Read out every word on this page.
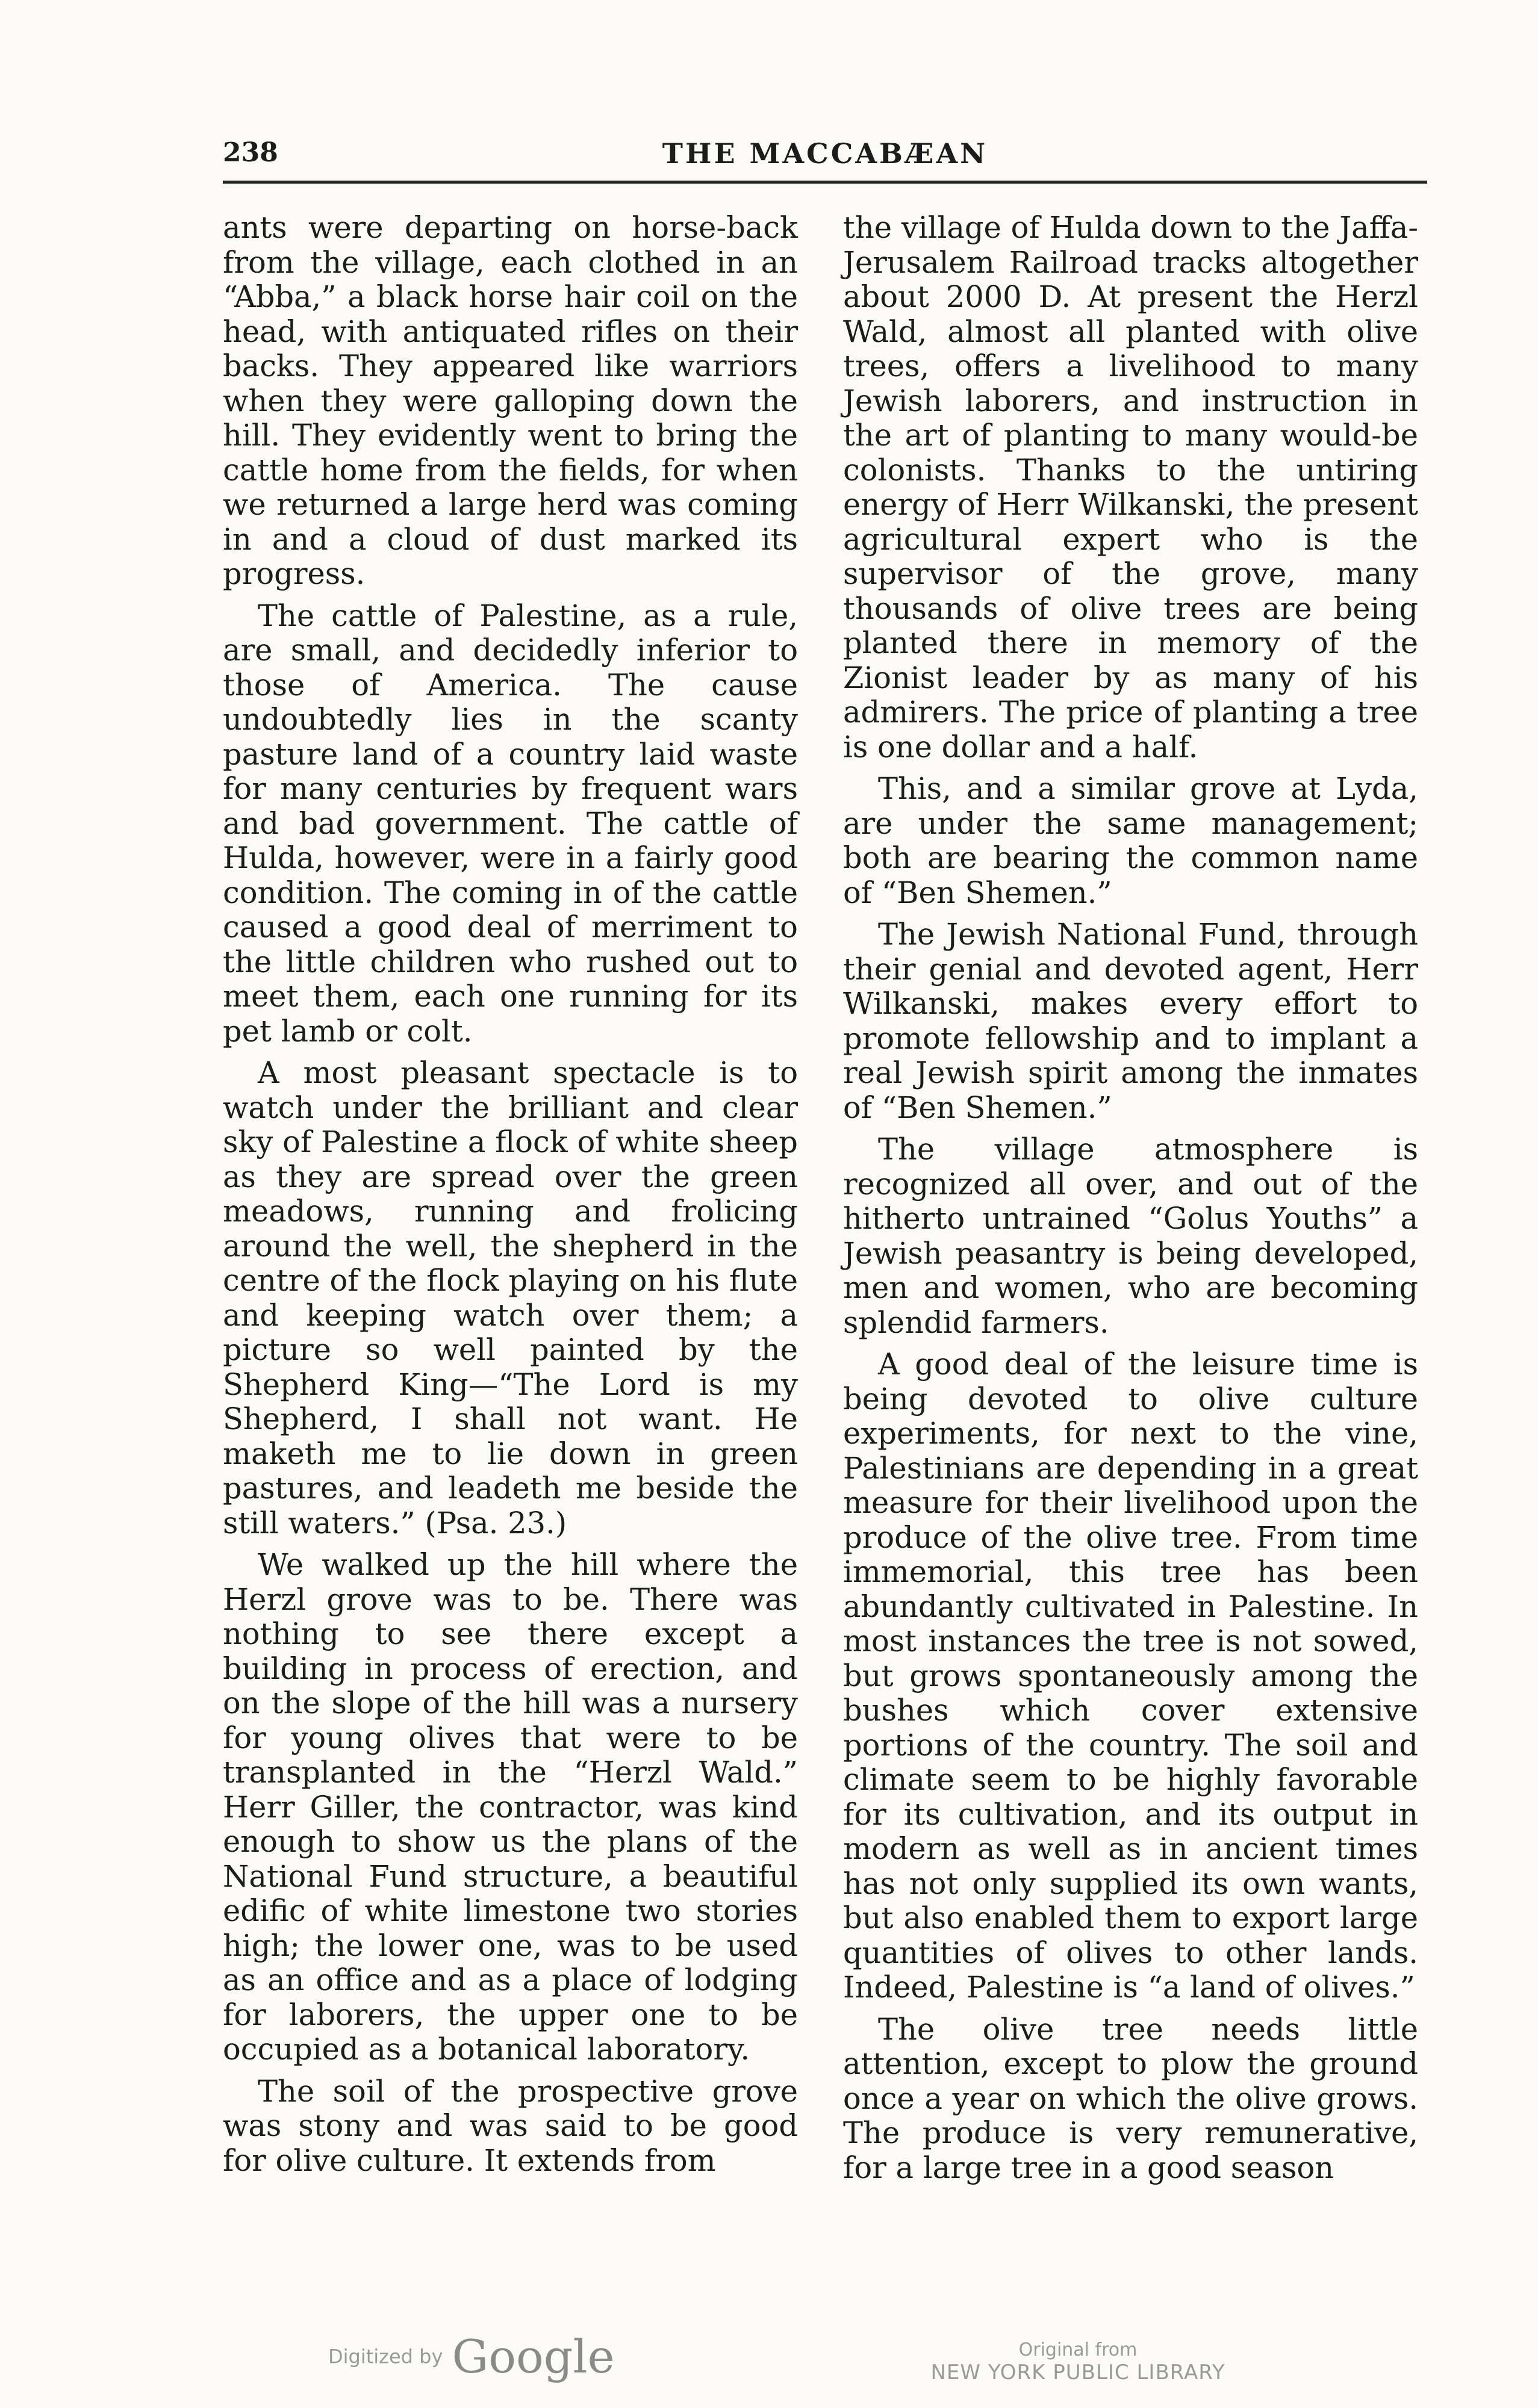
238	THE MACCABÆAN

ants were departing on horse-back from the village, each clothed in an “Abba,” a black horse hair coil on the head, with antiquated rifles on their backs. They appeared like warriors when they were galloping down the hill. They evidently went to bring the cattle home from the fields, for when we returned a large herd was coming in and a cloud of dust marked its progress.

The cattle of Palestine, as a rule, are small, and decidedly inferior to those of America. The cause undoubtedly lies in the scanty pasture land of a country laid waste for many centuries by frequent wars and bad government. The cattle of Hulda, however, were in a fairly good condition. The coming in of the cattle caused a good deal of merriment to the little children who rushed out to meet them, each one running for its pet lamb or colt.

A most pleasant spectacle is to watch under the brilliant and clear sky of Palestine a flock of white sheep as they are spread over the green meadows, running and frolicing around the well, the shepherd in the centre of the flock playing on his flute and keeping watch over them; a picture so well painted by the Shepherd King—“The Lord is my Shepherd, I shall not want. He maketh me to lie down in green pastures, and leadeth me beside the still waters.” (Psa. 23.)

We walked up the hill where the Herzl grove was to be. There was nothing to see there except a building in process of erection, and on the slope of the hill was a nursery for young olives that were to be transplanted in the “Herzl Wald.” Herr Giller, the contractor, was kind enough to show us the plans of the National Fund structure, a beautiful edific of white limestone two stories high; the lower one, was to be used as an office and as a place of lodging for laborers, the upper one to be occupied as a botanical laboratory.

The soil of the prospective grove was stony and was said to be good for olive culture. It extends from

the village of Hulda down to the Jaffa-Jerusalem Railroad tracks altogether about 2000 D. At present the Herzl Wald, almost all planted with olive trees, offers a livelihood to many Jewish laborers, and instruction in the art of planting to many would-be colonists. Thanks to the untiring energy of Herr Wilkanski, the present agricultural expert who is the supervisor of the grove, many thousands of olive trees are being planted there in memory of the Zionist leader by as many of his admirers. The price of planting a tree is one dollar and a half.

This, and a similar grove at Lyda, are under the same management; both are bearing the common name of “Ben Shemen.”

The Jewish National Fund, through their genial and devoted agent, Herr Wilkanski, makes every effort to promote fellowship and to implant a real Jewish spirit among the inmates of “Ben Shemen.”

The village atmosphere is recognized all over, and out of the hitherto untrained “Golus Youths” a Jewish peasantry is being developed, men and women, who are becoming splendid farmers.

A good deal of the leisure time is being devoted to olive culture experiments, for next to the vine, Palestinians are depending in a great measure for their livelihood upon the produce of the olive tree. From time immemorial, this tree has been abundantly cultivated in Palestine. In most instances the tree is not sowed, but grows spontaneously among the bushes which cover extensive portions of the country. The soil and climate seem to be highly favorable for its cultivation, and its output in modern as well as in ancient times has not only supplied its own wants, but also enabled them to export large quantities of olives to other lands. Indeed, Palestine is “a land of olives.”

The olive tree needs little attention, except to plow the ground once a year on which the olive grows. The produce is very remunerative, for a large tree in a good season

Digitized by Google	Original from
NEW YORK PUBLIC LIBRARY
